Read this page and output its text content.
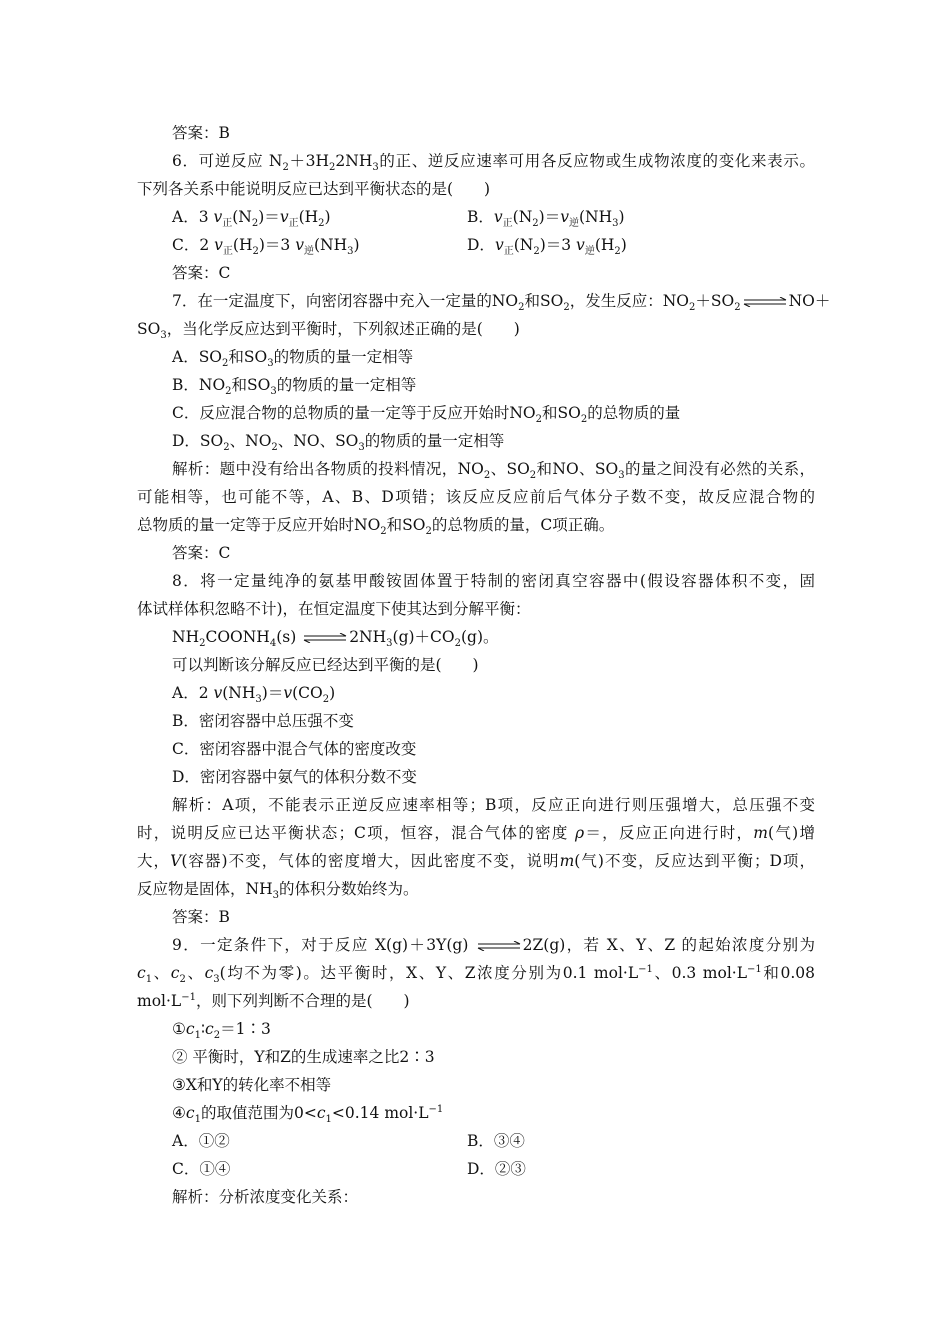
答案：B
6．可逆反应 $N_2+3H_22NH_3$的正、逆反应速率可用各反应物或生成物浓度的变化来表示。
下列各关系中能说明反应已达到平衡状态的是(　　)
A．3 $v_正(N_2)=v_正(H_2)$	B．$v_正(N_2)=v_逆(NH_3)$
C．2 $v_正(H_2)=3$ $v_逆(NH_3)$	D．$v_正(N_2)=3$ $v_逆(H_2)$
答案：C
7．在一定温度下，向密闭容器中充入一定量的$NO_2$和$SO_2$，发生反应：$NO_2+SO_2$ ⇌ NO＋
$SO_3$，当化学反应达到平衡时，下列叙述正确的是(　　)
A．$SO_2$和$SO_3$的物质的量一定相等
B．$NO_2$和$SO_3$的物质的量一定相等
C．反应混合物的总物质的量一定等于反应开始时$NO_2$和$SO_2$的总物质的量
D．$SO_2$、$NO_2$、NO、$SO_3$的物质的量一定相等
解析：题中没有给出各物质的投料情况，$NO_2$、$SO_2$和NO、$SO_3$的量之间没有必然的关系，
可能相等，也可能不等，A、B、D项错；该反应反应前后气体分子数不变，故反应混合物的
总物质的量一定等于反应开始时$NO_2$和$SO_2$的总物质的量，C项正确。
答案：C
8．将一定量纯净的氨基甲酸铵固体置于特制的密闭真空容器中(假设容器体积不变，固
体试样体积忽略不计)，在恒定温度下使其达到分解平衡：
$NH_2COONH_4(s)$ ⇌ $2NH_3(g)+CO_2(g)$。
可以判断该分解反应已经达到平衡的是(　　)
A．2 $v(NH_3)=v(CO_2)$
B．密闭容器中总压强不变
C．密闭容器中混合气体的密度改变
D．密闭容器中氨气的体积分数不变
解析：A项，不能表示正逆反应速率相等；B项，反应正向进行则压强增大，总压强不变
时，说明反应已达平衡状态；C项，恒容，混合气体的密度 ρ＝，反应正向进行时，m(气)增
大，V(容器)不变，气体的密度增大，因此密度不变，说明m(气)不变，反应达到平衡；D项，
反应物是固体，$NH_3$的体积分数始终为。
答案：B
9．一定条件下，对于反应 X(g)＋3Y(g) ⇌ 2Z(g)，若 X、Y、Z 的起始浓度分别为
$c_1$、$c_2$、$c_3$(均不为零)。达平衡时，X、Y、Z浓度分别为0.1 $mol\cdot L^{-1}$、0.3 $mol\cdot L^{-1}$和0.08
$mol\cdot L^{-1}$，则下列判断不合理的是(　　)
$①c_1∶c_2=1∶3$
② 平衡时，Y和Z的生成速率之比2∶3
③X和Y的转化率不相等
$④c_1$的取值范围为$0<c_1<0.14$ $mol\cdot L^{-1}$
A．①②	B．③④
C．①④	D．②③
解析：分析浓度变化关系：
